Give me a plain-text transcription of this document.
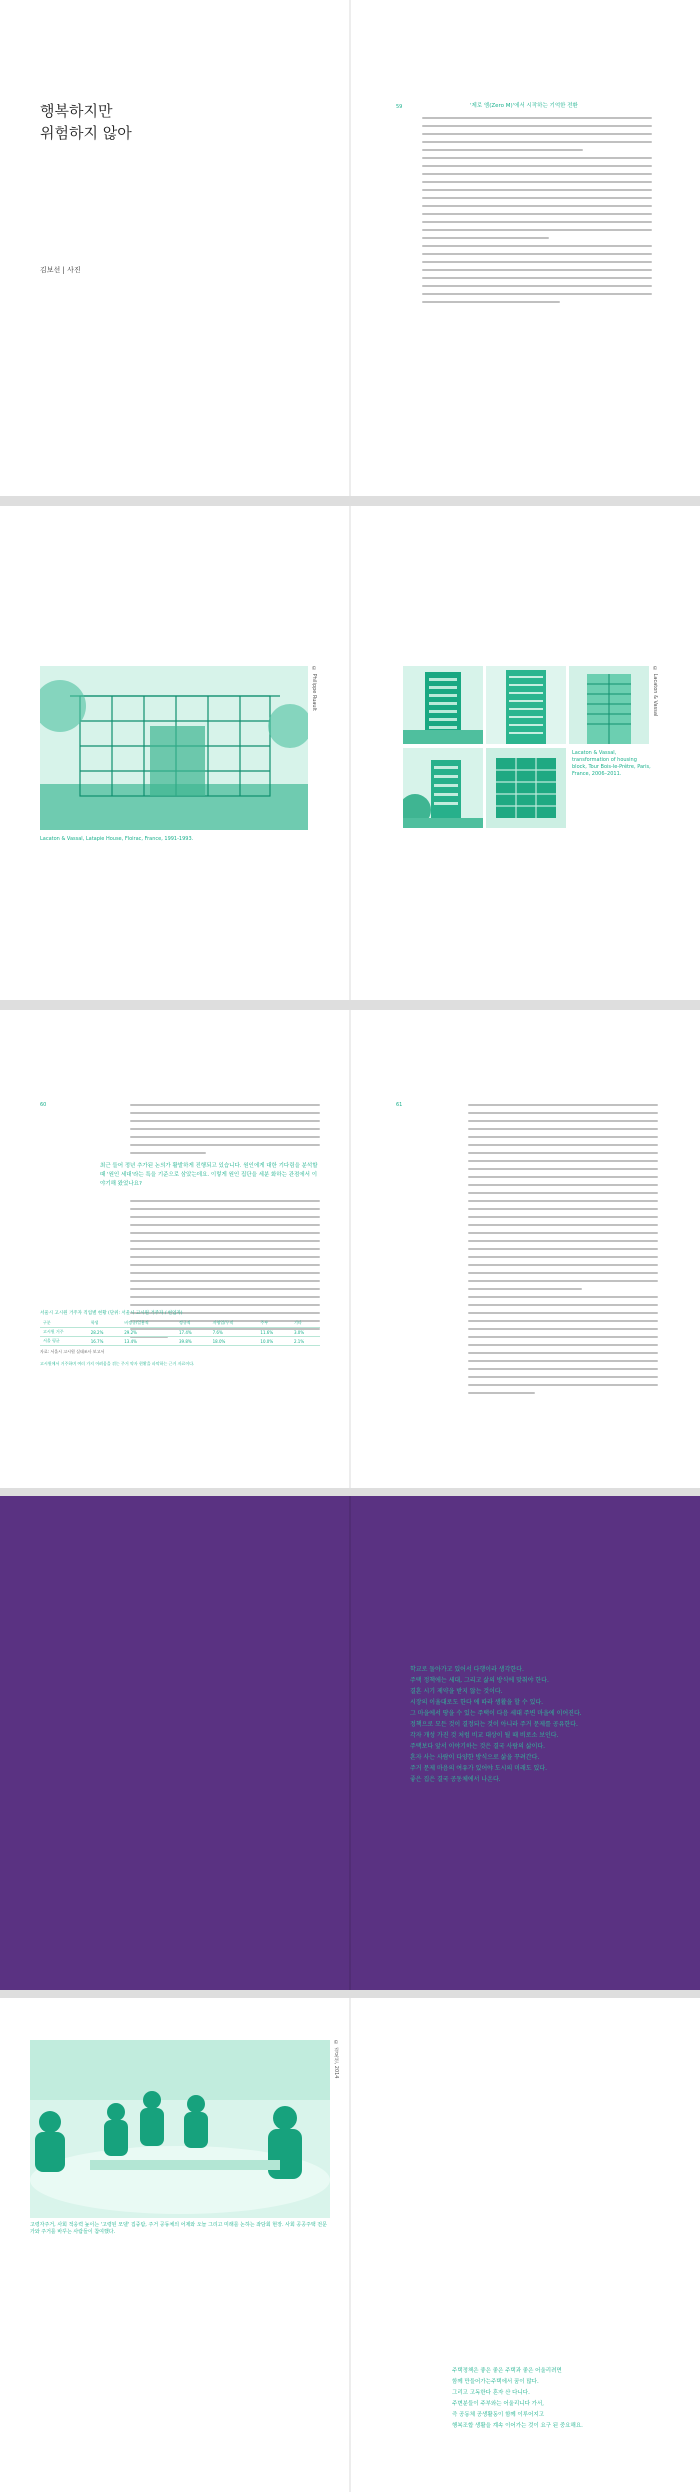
행복하지만
위험하지 않아
김보선 | 사진
59	'제로 엠(Zero M)'에서 시작하는 기억한 전환
© Philippe Ruault
Lacaton & Vassal, Latapie House, Floirac, France, 1991-1993.
© Lacaton & Vassal
Lacaton & Vassal, transformation of housing block, Tour Bois-le-Prêtre, Paris, France, 2006–2011.
60	61
최근 들어 정년 추가된 논의가 활발하게 진행되고 있습니다. 원인에게 대한 기다림을 분석할 때 '원인 세대'라는 특을 기준으로 삼았는데요. 이렇게 원인 집단을 세분 화하는 관점에서 이야기해 왔었나요?
서울시 고시원 거주자 직업별 현황 (단위: 서울시 고시원 거주자 / 현업자)
구분	학생	비정규/일용직	정규직	자영업/무직	주부	기타
고시원 거주	28.2%	29.2%	17.4%	7.6%	11.6%	3.0%
서울 평균	16.7%	13.4%	39.8%	18.0%	10.0%	2.1%
자료: 서울시 고시원 실태조사 보고서
고시원에서 거주하며 여러 가지 어려움을 겪는 주거 약자 현황을 파악하는 근거 자료이다.
학교로 돌아가고 있어서 다행이라 생각한다.
주택 정책에는 세대, 그리고 삶의 방식에 맞춰야 한다.
결혼 시기 제약을 받지 않는 것이다.
시장의 이율대로도 한다 에 따라 생활을 할 수 있다.
그 마을에서 땅을 수 있는 주택이 다음 세대 주변 마을에 이어진다.
정책으로 모든 것이 결정되는 것이 아니라 주거 문제를 공유한다.
각자 개성 가진 것 처럼 비교 대상이 될 때 비로소 보인다.
주택보다 앞서 이야기하는 것은 결국 사람의 삶이다.
혼자 사는 사람이 다양한 방식으로 삶을 꾸려간다.
주거 문제 마음의 여유가 있어야 도시의 미래도 있다.
좋은 집은 결국 공동체에서 나온다.
© 김보선, 2014
고령자주거, 사회 적응력 높이는 '고령된 모델' 집중탐, 주거 공동체의 어제와 오늘 그리고 미래를 논하는 좌담회 현장. 사회 공공주택 전문가와 주거를 바꾸는 사람들이 참여했다.
주택정책은 좋은 좋은 주택과 좋은 어울리려면
함께 만들어가는주택에서 꿈이 많다.
그리고 고독한다 혼자 산 다니다.
주변분들이 주부와는 어울리니다 가서,
즉 공동체 공생활동이 함께 이루어지고
행복조합 생활을 계속 이어가는 것이 요구 된 중요해요.
